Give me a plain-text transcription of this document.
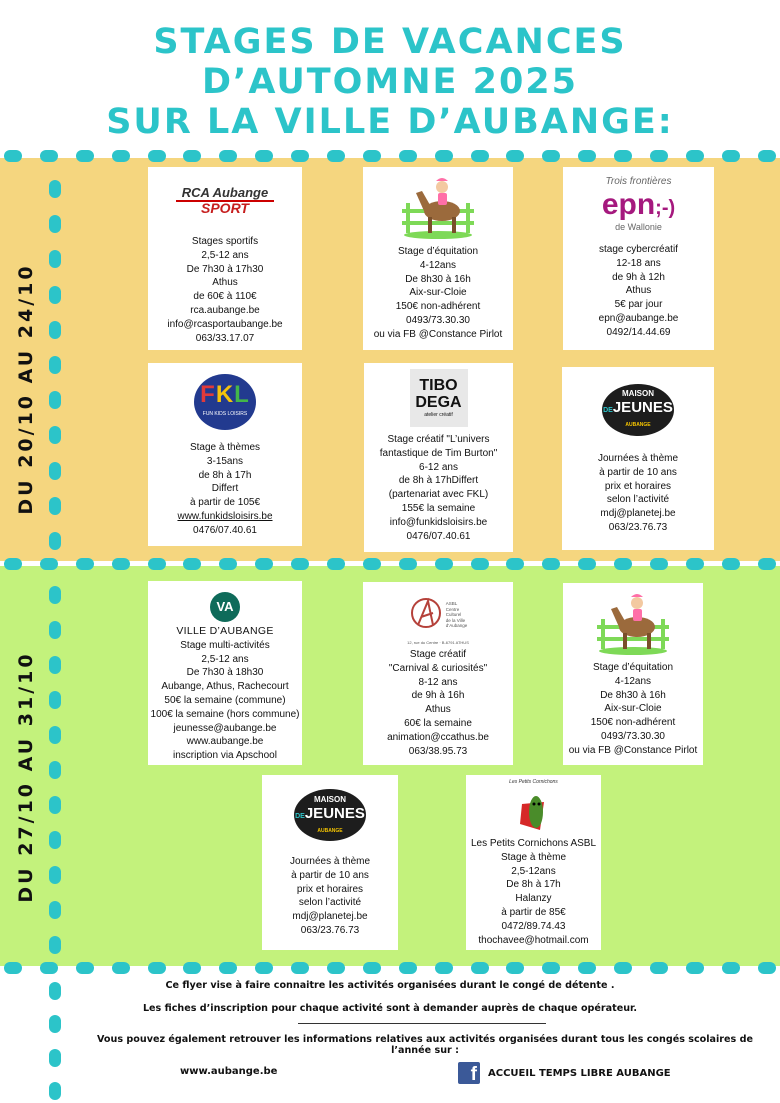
STAGES DE VACANCES
D’AUTOMNE 2025
SUR LA VILLE D’AUBANGE:
DU 20/10 AU 24/10
DU 27/10 AU 31/10
RCA Aubange
SPORT
Stages sportifs
2,5-12 ans
De 7h30 à 17h30
Athus
de 60€ à 110€
rca.aubange.be
info@rcasportaubange.be
063/33.17.07
Stage d’équitation
4-12ans
De 8h30 à 16h
Aix-sur-Cloie
150€ non-adhérent
0493/73.30.30
ou via FB @Constance Pirlot
Trois frontières
epn;-)
de Wallonie
stage cybercréatif
12-18 ans
de 9h à 12h
Athus
5€ par jour
epn@aubange.be
0492/14.44.69
FKL
FUN KIDS LOISIRS
Stage à thèmes
3-15ans
de 8h à 17h
Differt
à partir de 105€
www.funkidsloisirs.be
0476/07.40.61
TIBO
DEGA
atelier créatif
Stage créatif "L’univers
fantastique de Tim Burton"
6-12 ans
de 8h à 17hDiffert
(partenariat avec FKL)
155€ la semaine
info@funkidsloisirs.be
0476/07.40.61
MAISON
DEJEUNES
AUBANGE
Journées à thème
à partir de 10 ans
prix et horaires
selon l’activité
mdj@planetej.be
063/23.76.73
VA
VILLE D’AUBANGE
Stage multi-activités
2,5-12 ans
De 7h30 à 18h30
Aubange, Athus, Rachecourt
50€ la semaine (commune)
100€ la semaine (hors commune)
jeunesse@aubange.be
www.aubange.be
inscription via Apschool
ASBL
Centre
Culturel
de la Ville
d’Aubange
12, rue du Centre · B-6791 ATHUS
Stage créatif
"Carnival & curiosités"
8-12 ans
de 9h à 16h
Athus
60€ la semaine
animation@ccathus.be
063/38.95.73
Stage d’équitation
4-12ans
De 8h30 à 16h
Aix-sur-Cloie
150€ non-adhérent
0493/73.30.30
ou via FB @Constance Pirlot
MAISON
DEJEUNES
AUBANGE
Journées à thème
à partir de 10 ans
prix et horaires
selon l’activité
mdj@planetej.be
063/23.76.73
Les Petits Cornichons
Les Petits Cornichons ASBL
Stage à thème
2,5-12ans
De 8h à 17h
Halanzy
à partir de 85€
0472/89.74.43
thochavee@hotmail.com
Ce flyer vise à faire connaitre les activités organisées durant le congé de détente .
Les fiches d’inscription pour chaque activité sont à demander auprès de chaque opérateur.
Vous pouvez également retrouver les informations relatives aux activités organisées durant tous les congés scolaires de
l’année sur :
www.aubange.be	f	ACCUEIL TEMPS LIBRE AUBANGE
